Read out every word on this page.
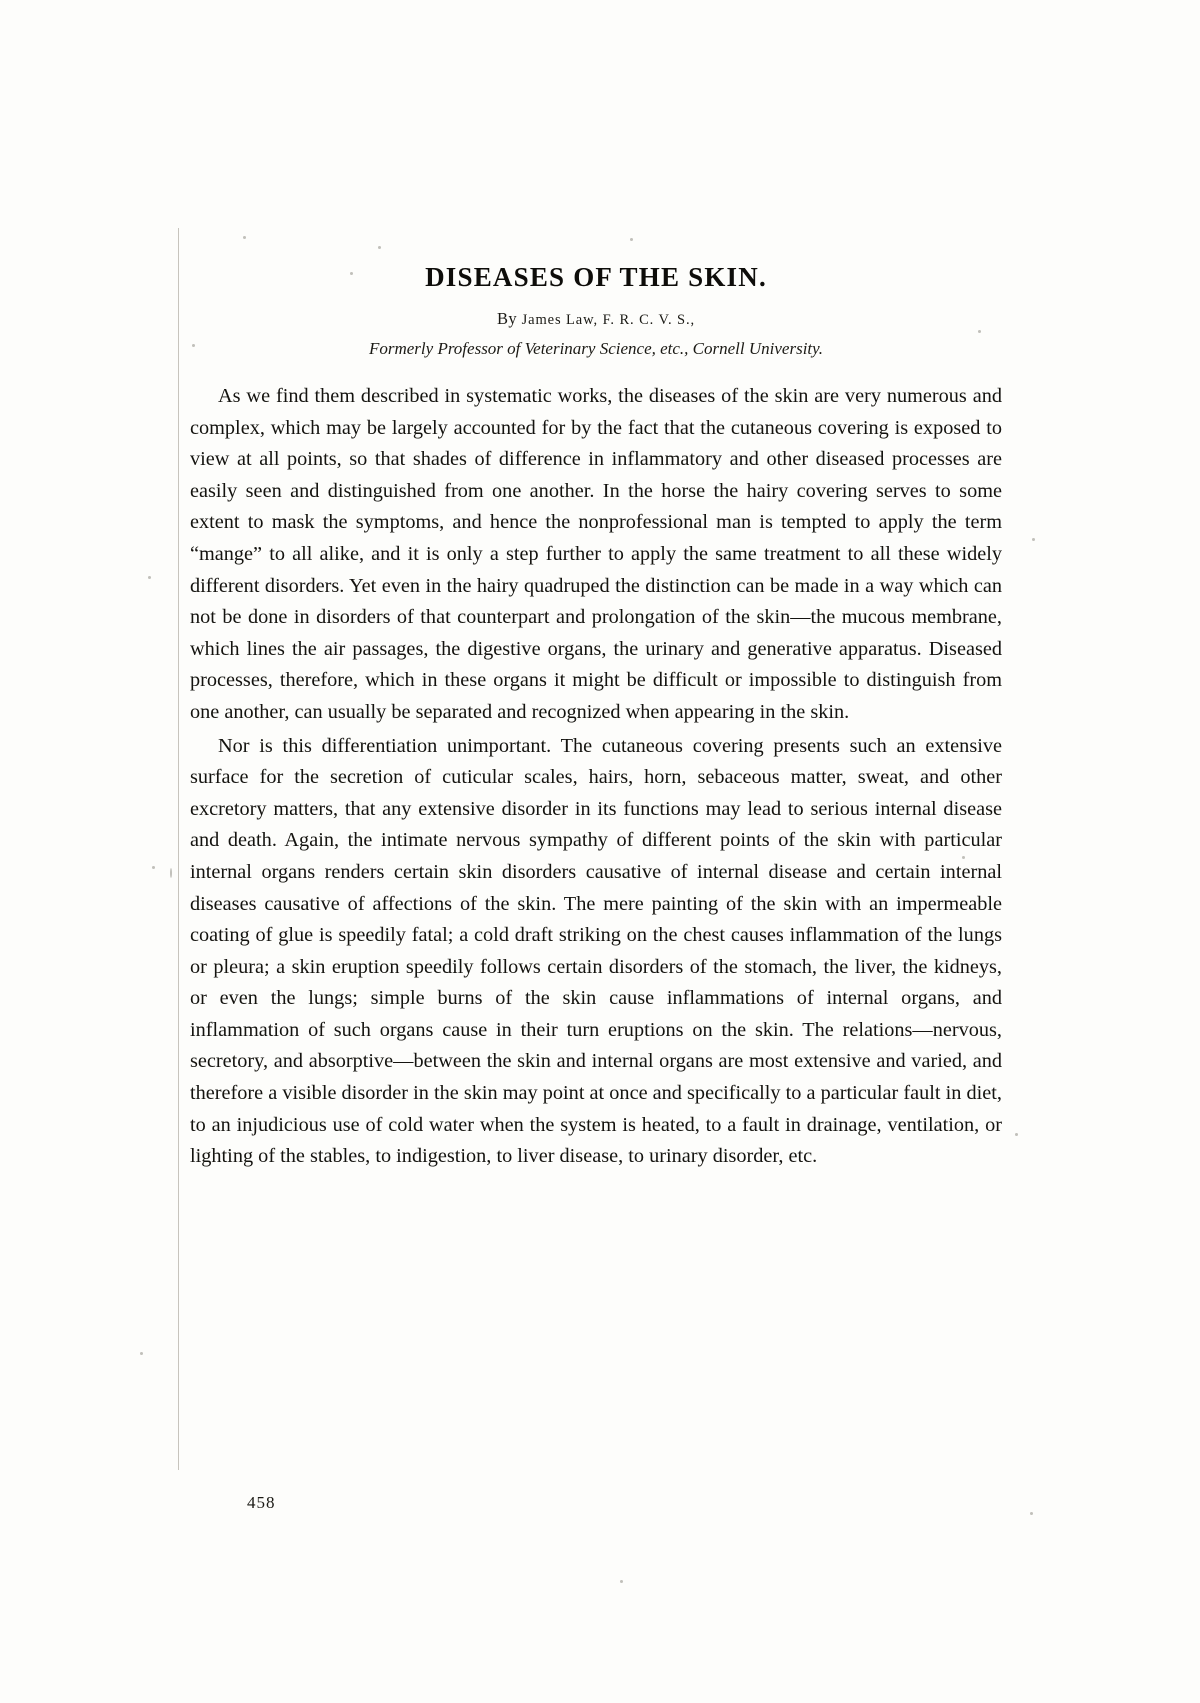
DISEASES OF THE SKIN.
By James Law, F. R. C. V. S.,
Formerly Professor of Veterinary Science, etc., Cornell University.

As we find them described in systematic works, the diseases of the skin are very numerous and complex, which may be largely accounted for by the fact that the cutaneous covering is exposed to view at all points, so that shades of difference in inflammatory and other diseased processes are easily seen and distinguished from one another. In the horse the hairy covering serves to some extent to mask the symptoms, and hence the nonprofessional man is tempted to apply the term “mange” to all alike, and it is only a step further to apply the same treatment to all these widely different disorders. Yet even in the hairy quadruped the distinction can be made in a way which can not be done in disorders of that counterpart and prolongation of the skin—the mucous membrane, which lines the air passages, the digestive organs, the urinary and generative apparatus. Diseased processes, therefore, which in these organs it might be difficult or impossible to distinguish from one another, can usually be separated and recognized when appearing in the skin.

Nor is this differentiation unimportant. The cutaneous covering presents such an extensive surface for the secretion of cuticular scales, hairs, horn, sebaceous matter, sweat, and other excretory matters, that any extensive disorder in its functions may lead to serious internal disease and death. Again, the intimate nervous sympathy of different points of the skin with particular internal organs renders certain skin disorders causative of internal disease and certain internal diseases causative of affections of the skin. The mere painting of the skin with an impermeable coating of glue is speedily fatal; a cold draft striking on the chest causes inflammation of the lungs or pleura; a skin eruption speedily follows certain disorders of the stomach, the liver, the kidneys, or even the lungs; simple burns of the skin cause inflammations of internal organs, and inflammation of such organs cause in their turn eruptions on the skin. The relations—nervous, secretory, and absorptive—between the skin and internal organs are most extensive and varied, and therefore a visible disorder in the skin may point at once and specifically to a particular fault in diet, to an injudicious use of cold water when the system is heated, to a fault in drainage, ventilation, or lighting of the stables, to indigestion, to liver disease, to urinary disorder, etc.

458
